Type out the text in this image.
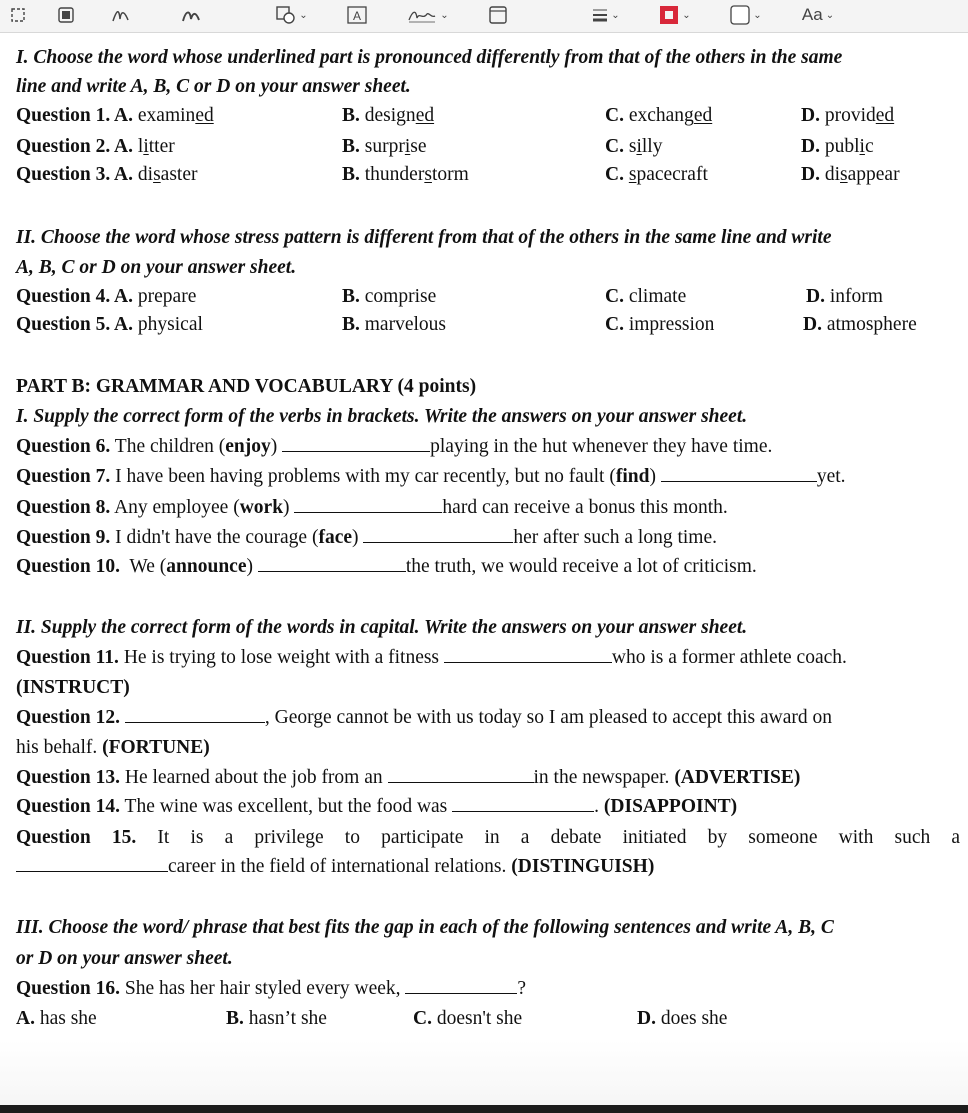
⌄	A	⌄	⌄	⌄	⌄ Aa ⌄
I. Choose the word whose underlined part is pronounced differently from that of the others in the same
line and write A, B, C or D on your answer sheet.
Question 1. A. examined	B. designed	C. exchanged	D. provided
Question 2. A. litter	B. surprise	C. silly	D. public
Question 3. A. disaster	B. thunderstorm	C. spacecraft	D. disappear
II. Choose the word whose stress pattern is different from that of the others in the same line and write
A, B, C or D on your answer sheet.
Question 4. A. prepare	B. comprise	C. climate	D. inform
Question 5. A. physical	B. marvelous	C. impression	D. atmosphere
PART B: GRAMMAR AND VOCABULARY (4 points)
I. Supply the correct form of the verbs in brackets. Write the answers on your answer sheet.
Question 6. The children (enjoy)	playing in the hut whenever they have time.
Question 7. I have been having problems with my car recently, but no fault (find)	yet.
Question 8. Any employee (work)	hard can receive a bonus this month.
Question 9. I didn't have the courage (face)	her after such a long time.
Question 10.  We (announce)	the truth, we would receive a lot of criticism.
II. Supply the correct form of the words in capital. Write the answers on your answer sheet.
Question 11. He is trying to lose weight with a fitness	who is a former athlete coach.
(INSTRUCT)
Question 12.	, George cannot be with us today so I am pleased to accept this award on
his behalf. (FORTUNE)
Question 13. He learned about the job from an	in the newspaper. (ADVERTISE)
Question 14. The wine was excellent, but the food was	. (DISAPPOINT)
Question 15. It is a privilege to participate in a debate initiated by someone with such a
career in the field of international relations. (DISTINGUISH)
III. Choose the word/ phrase that best fits the gap in each of the following sentences and write A, B, C
or D on your answer sheet.
Question 16. She has her hair styled every week,	?
A. has she	B. hasn’t she	C. doesn't she	D. does she
